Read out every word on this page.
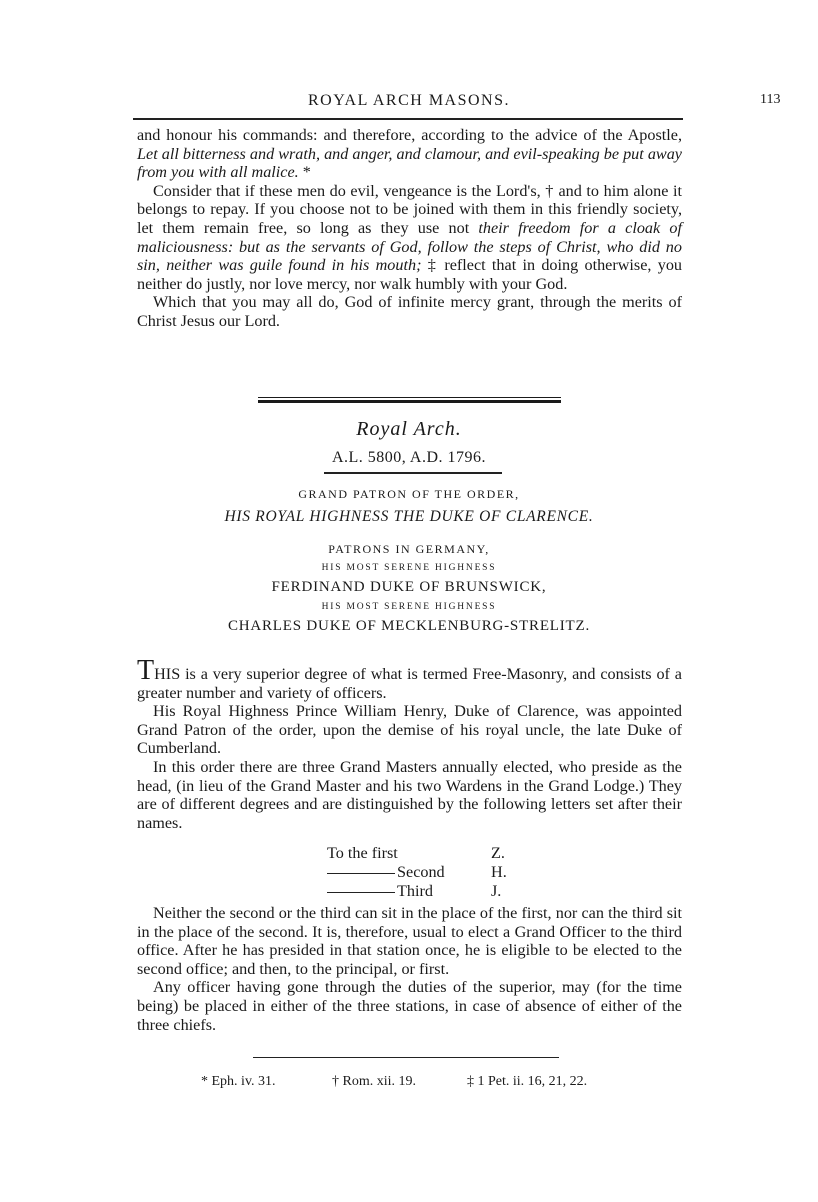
ROYAL ARCH MASONS.	113

and honour his commands: and therefore, according to the advice of the Apostle, Let all bitterness and wrath, and anger, and clamour, and evil-speaking be put away from you with all malice. *

Consider that if these men do evil, vengeance is the Lord's, † and to him alone it belongs to repay. If you choose not to be joined with them in this friendly society, let them remain free, so long as they use not their freedom for a cloak of maliciousness: but as the servants of God, follow the steps of Christ, who did no sin, neither was guile found in his mouth; ‡ reflect that in doing otherwise, you neither do justly, nor love mercy, nor walk humbly with your God.

Which that you may all do, God of infinite mercy grant, through the merits of Christ Jesus our Lord.

Royal Arch.
A.L. 5800, A.D. 1796.
GRAND PATRON OF THE ORDER,
HIS ROYAL HIGHNESS THE DUKE OF CLARENCE.
PATRONS IN GERMANY,
HIS MOST SERENE HIGHNESS
FERDINAND DUKE OF BRUNSWICK,
HIS MOST SERENE HIGHNESS
CHARLES DUKE OF MECKLENBURG-STRELITZ.

THIS is a very superior degree of what is termed Free-Masonry, and consists of a greater number and variety of officers.

His Royal Highness Prince William Henry, Duke of Clarence, was appointed Grand Patron of the order, upon the demise of his royal uncle, the late Duke of Cumberland.

In this order there are three Grand Masters annually elected, who preside as the head, (in lieu of the Grand Master and his two Wardens in the Grand Lodge.) They are of different degrees and are distinguished by the following letters set after their names.

To the first	Z.
Second	H.
Third	J.

Neither the second or the third can sit in the place of the first, nor can the third sit in the place of the second. It is, therefore, usual to elect a Grand Officer to the third office. After he has presided in that station once, he is eligible to be elected to the second office; and then, to the principal, or first.

Any officer having gone through the duties of the superior, may (for the time being) be placed in either of the three stations, in case of absence of either of the three chiefs.

* Eph. iv. 31.	† Rom. xii. 19.	‡ 1 Pet. ii. 16, 21, 22.
